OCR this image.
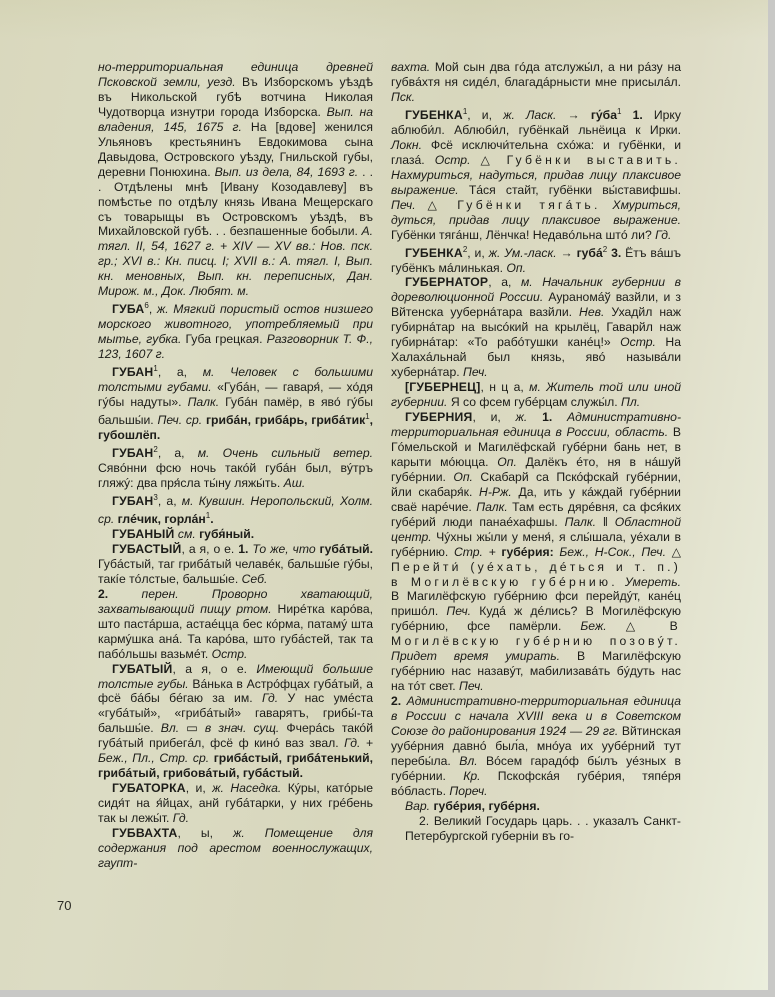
но-территориальная единица древней Псковской земли, уезд. Въ Изборскомъ уѣздѣ въ Никольской губѣ вотчина Николая Чудотворца изнутри города Изборска. Вып. на владения, 145, 1675 г. На [вдове] женился Ульяновъ крестьянинъ Евдокимова сына Давыдова, Островского уѣзду, Гнильской губы, деревни Понюхина. Вып. из дела, 84, 1693 г. . . . Отдѣлены мнѣ [Ивану Козодавлеву] въ помѣстье по отдѣлу князь Ивана Мещерскаго съ товарыщы въ Островскомъ уѣздѣ, въ Михайловской губѣ. . . безпашенные бобыли. А. тягл. II, 54, 1627 г. + XIV — XV вв.: Нов. пск. гр.; XVI в.: Кн. писц. I; XVII в.: А. тягл. I, Вып. кн. меновных, Вып. кн. переписных, Дан. Мирож. м., Док. Любят. м.

ГУБА$^6$, ж. Мягкий пористый остов низшего морского животного, употребляемый при мытье, губка. Губа грецкая. Разговорник Т. Ф., 123, 1607 г.

ГУБАН$^1$, а, м. Человек с большими толстыми губами. «Губáн, — гаваря́, — хо́дя гу́бы надуты». Палк. Губáн памёр, в яво́ гу́бы бальшы́и. Печ. ср. грибáн, грибáрь, грибáтик$^1$, губошлёп.

ГУБАН$^2$, а, м. Очень сильный ветер. Сявóнни фсю ночь такóй губáн был, вýтръ гляжý: два пря́сла ты́ну ляжы́ть. Аш.

ГУБАН$^3$, а, м. Кувшин. Неропольский, Холм. ср. глéчик, горлáн$^1$.

ГУБАНЫЙ см. губя́ный.

ГУБАСТЫЙ, а я, о е. 1. То же, что губáтый. Губáстый, таг грибáтый челавéк, бальшы́е гу́бы, такíе тóлстые, бальшы́е. Себ.

2. перен. Проворно хватающий, захватывающий пищу ртом. Нирéтка карóва, што пастáрша, астаéцца бес кóрма, патамý шта кармýшка анá. Та карóва, што губáстей, так та пабóльшы вазьмéт. Остр.

ГУБАТЫЙ, а я, о е. Имеющий большие толстые губы. Вáнька в Астрóфцах губáтый, а фсё бáбы бéгаю за им. Гд. У нас умéста «губáтый», «грибáтый» гаварятъ, грибы́-та бальшы́е. Вл. ▭ в знач. сущ. Фчерáсь такóй губáтый прибегáл, фсё ф кинó ваз звал. Гд. + Беж., Пл., Стр. ср. грибáстый, грибáтенький, грибáтый, грибовáтый, губáстый.

ГУБАТОРКА, и, ж. Наседка. Кýры, катóрые сидя́т на я́йцах, анй губáтарки, у них грéбень так ы лежы́т. Гд.

ГУБВАХТА, ы, ж. Помещение для содержания под арестом военнослужащих, гаупт-

вахта. Мой сын два гóда атслужы́л, а ни рáзу на губвáхтя ня сидéл, благадáрнысти мне присылáл. Пск.

ГУБЕНКА$^1$, и, ж. Ласк. → $гу́ба^1$ 1. Ирку аблюби́л. Аблюби́л, губёнкай льнёица к Ирки. Локн. Фсё исключи́тельна схóжа: и губёнки, и глазá. Остр. △ Губёнки выставить. Нахмуриться, надуться, придав лицу плаксивое выражение. Тáся стайт, губёнки вы́ставифшы. Печ. △ Губёнки тягáть. Хмуриться, дуться, придав лицу плаксивое выражение. Губёнки тягáнш, Лёнчка! Недавóльна штó ли? Гд.

ГУБЕНКА$^2$, и, ж. Ум.-ласк. → губá$^2$ 3. Ётъ вáшъ губёнкъ мáлинькая. Оп.

ГУБЕРНАТОР, а, м. Начальник губернии в дореволюционной России. Аураномáў вазйли, и з Вйтенска уубернáтара вазйли. Нев. Ухадйл наж губирнáтар на высóкий на крылёц, Гаварйл наж губирнáтар: «То рабóтушки канéц!» Остр. На Халахáльнай был князь, явó называ́ли хубернáтар. Печ.

[ГУБЕРНЕЦ], н ц а, м. Житель той или иной губернии. Я со фсем губéрцам служы́л. Пл.

ГУБЕРНИЯ, и, ж. 1. Административно-территориальная единица в России, область. В Гóмельской и Магилёфскай губéрни бань нет, в карыти мóюцца. Оп. Далёкъ éто, ня в нáшуй губéрнии. Оп. Скабарй са Пскóфскай губéрнии, йли скабаря́к. Н-Рж. Да, ить у кáждай губéрнии сваё нарéчие. Палк. Там есть дярéвня, са фся́ких губéрий люди панаéхафшы. Палк. ‖ Областной центр. Чýхны жы́ли у меня́, я слы́шала, уéхали в губéрнию. Стр. + губéрия: Беж., Н-Сок., Печ. △ Перейти́ (уéхать, дéться и т. п.) в Могилёвскую губéрнию. Умереть. В Магилёфскую губéрнию фси перейдýт, канéц пришóл. Печ. Кудá ж дéлись? В Могилёфскую губéрнию, фсе памёрли. Беж. △ В Могилёвскую губéрнию позовýт. Придет время умирать. В Магилёфскую губéрнию нас назавýт, мабилизавáть бýдуть нас на тóт свет. Печ.

2. Административно-территориальная единица в России с начала XVIII века и в Советском Союзе до районирования 1924 — 29 гг. Вйтинская уубéрния давнó был́а, мнóуа их уубéрний тут перебы́ла. Вл. Вóсем гарадóф бы́лъ уéзных в губéрнии. Кр. Пскофскáя губéрия, тяпéря вóбласть. Пореч.

Вар. губéрия, губéрня.

2. Великий Государь царь. . . указалъ Санкт-Петербургской губерніи въ го-

70
